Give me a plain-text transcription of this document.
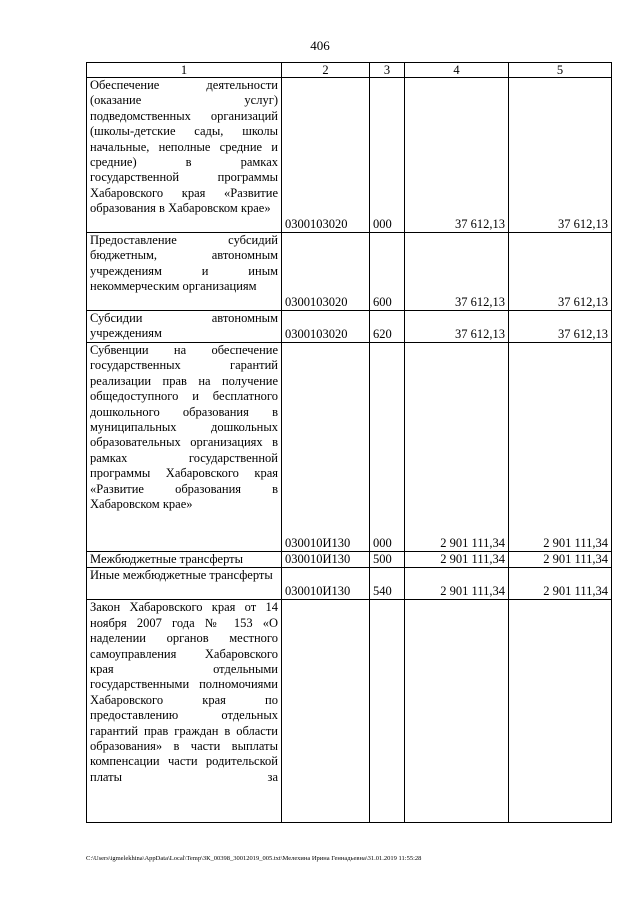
406
1	2	3	4	5
Обеспечение деятельности (оказание услуг) подведомственных организаций (школы-детские сады, школы начальные, неполные средние и средние) в рамках государственной программы Хабаровского края «Развитие образования в Хабаровском крае»	0300103020	000	37 612,13	37 612,13
Предоставление субсидий бюджетным, автономным учреждениям и иным некоммерческим организациям	0300103020	600	37 612,13	37 612,13
Субсидии автономным учреждениям	0300103020	620	37 612,13	37 612,13
Субвенции на обеспечение государственных гарантий реализации прав на получение общедоступного и бесплатного дошкольного образования в муниципальных дошкольных образовательных организациях в рамках государственной программы Хабаровского края «Развитие образования в Хабаровском крае»	030010И130	000	2 901 111,34	2 901 111,34
Межбюджетные трансферты	030010И130	500	2 901 111,34	2 901 111,34
Иные межбюджетные трансферты	030010И130	540	2 901 111,34	2 901 111,34
Закон Хабаровского края от 14 ноября 2007 года № 153 «О наделении органов местного самоуправления Хабаровского края отдельными государственными полномочиями Хабаровского края по предоставлению отдельных гарантий прав граждан в области образования» в части выплаты компенсации части родительской платы за				
C:\Users\igmelekhina\AppData\Local\Temp\ЗК_00398_30012019_005.txt\Мелехина Ирина Геннадьевна\31.01.2019 11:55:28
